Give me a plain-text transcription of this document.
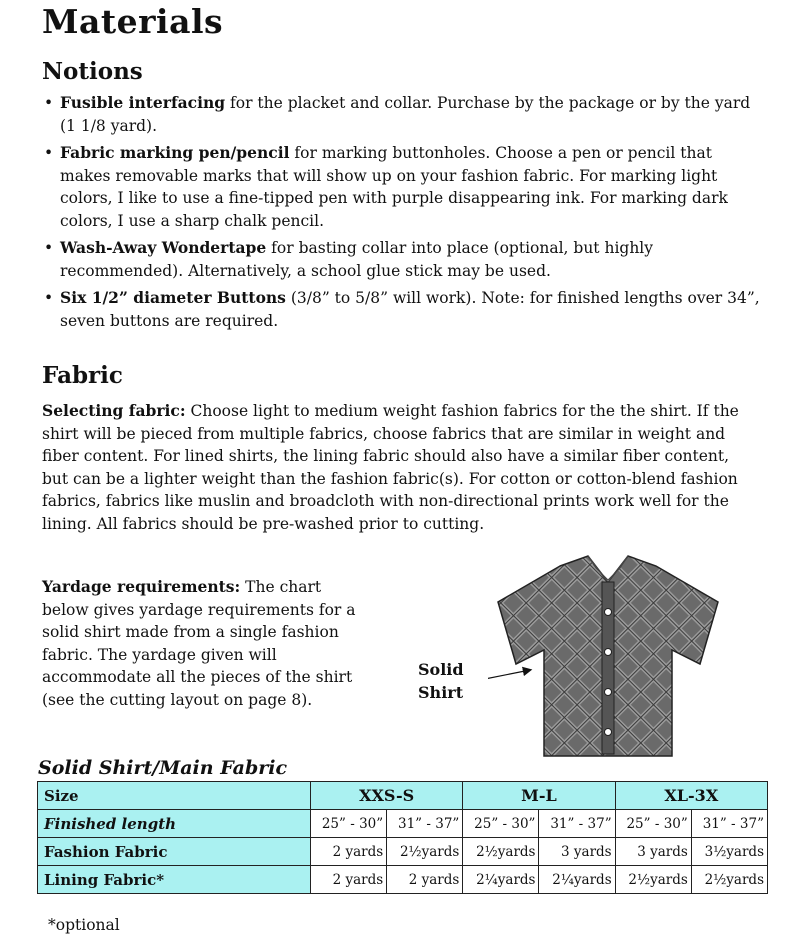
Materials
Notions
• Fusible interfacing for the placket and collar. Purchase by the package or by the yard (1 1/8 yard).
• Fabric marking pen/pencil for marking buttonholes. Choose a pen or pencil that makes removable marks that will show up on your fashion fabric. For marking light colors, I like to use a fine-tipped pen with purple disappearing ink. For marking dark colors, I use a sharp chalk pencil.
• Wash-Away Wondertape for basting collar into place (optional, but highly recommended). Alternatively, a school glue stick may be used.
• Six 1/2” diameter Buttons (3/8” to 5/8” will work). Note: for finished lengths over 34”, seven buttons are required.
Fabric
Selecting fabric: Choose light to medium weight fashion fabrics for the the shirt. If the shirt will be pieced from multiple fabrics, choose fabrics that are similar in weight and fiber content. For lined shirts, the lining fabric should also have a similar fiber content, but can be a lighter weight than the fashion fabric(s). For cotton or cotton-blend fashion fabrics, fabrics like muslin and broadcloth with non-directional prints work well for the lining. All fabrics should be pre-washed prior to cutting.
Yardage requirements: The chart below gives yardage requirements for a solid shirt made from a single fashion fabric. The yardage given will accommodate all the pieces of the shirt (see the cutting layout on page 8).
Solid
Shirt
Solid Shirt/Main Fabric
Size	XXS-S		M-L		XL-3X	
Finished length	25” - 30”	31” - 37”	25” - 30”	31” - 37”	25” - 30”	31” - 37”
Fashion Fabric	2 yards	2½yards	2½yards	3 yards	3 yards	3½yards
Lining Fabric*	2 yards	2 yards	2¼yards	2¼yards	2½yards	2½yards
*optional
